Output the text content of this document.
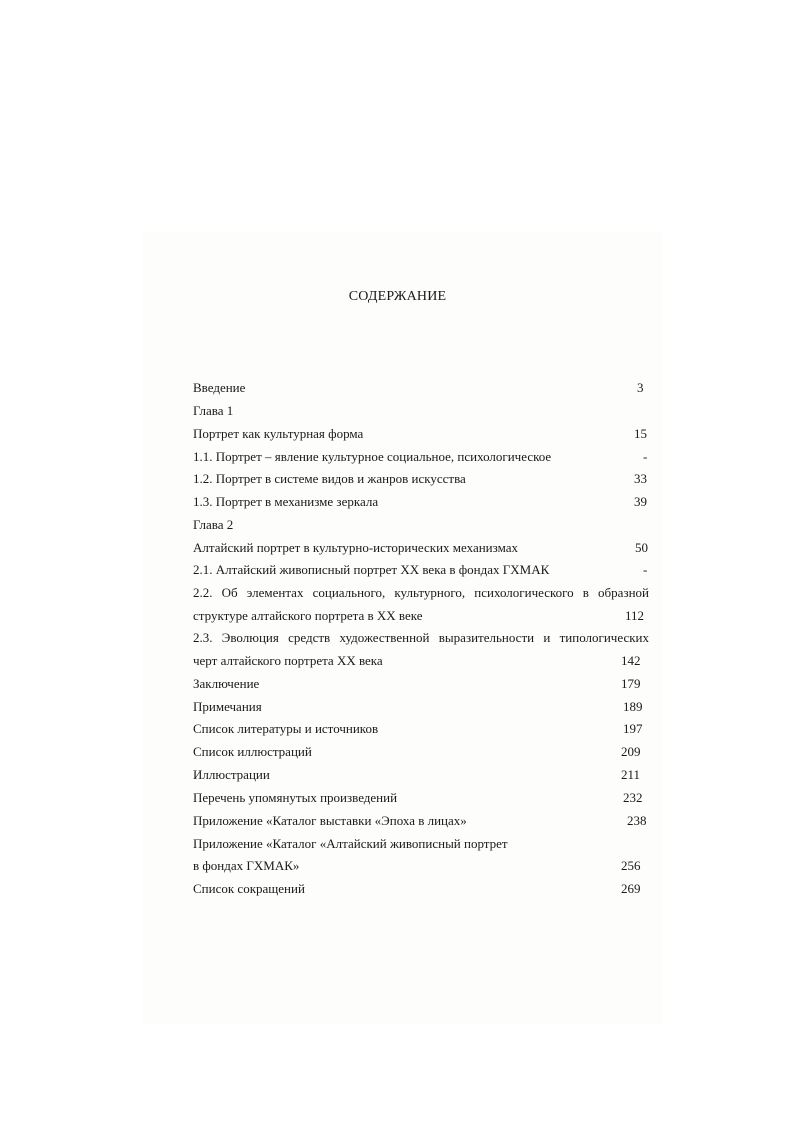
СОДЕРЖАНИЕ
Введение	3
Глава 1
Портрет как культурная форма	15
1.1. Портрет – явление культурное социальное, психологическое	-
1.2. Портрет в системе видов и жанров искусства	33
1.3. Портрет в механизме зеркала	39
Глава 2
Алтайский портрет в культурно-исторических механизмах	50
2.1. Алтайский живописный портрет XX века в фондах ГХМАК	-
2.2. Об элементах социального, культурного, психологического в образной
структуре алтайского портрета в XX веке	112
2.3. Эволюция средств художественной выразительности и типологических
черт алтайского портрета XX века	142
Заключение	179
Примечания	189
Список литературы и источников	197
Список иллюстраций	209
Иллюстрации	211
Перечень упомянутых произведений	232
Приложение «Каталог выставки «Эпоха в лицах»	238
Приложение «Каталог «Алтайский живописный портрет
в фондах ГХМАК»	256
Список сокращений	269
